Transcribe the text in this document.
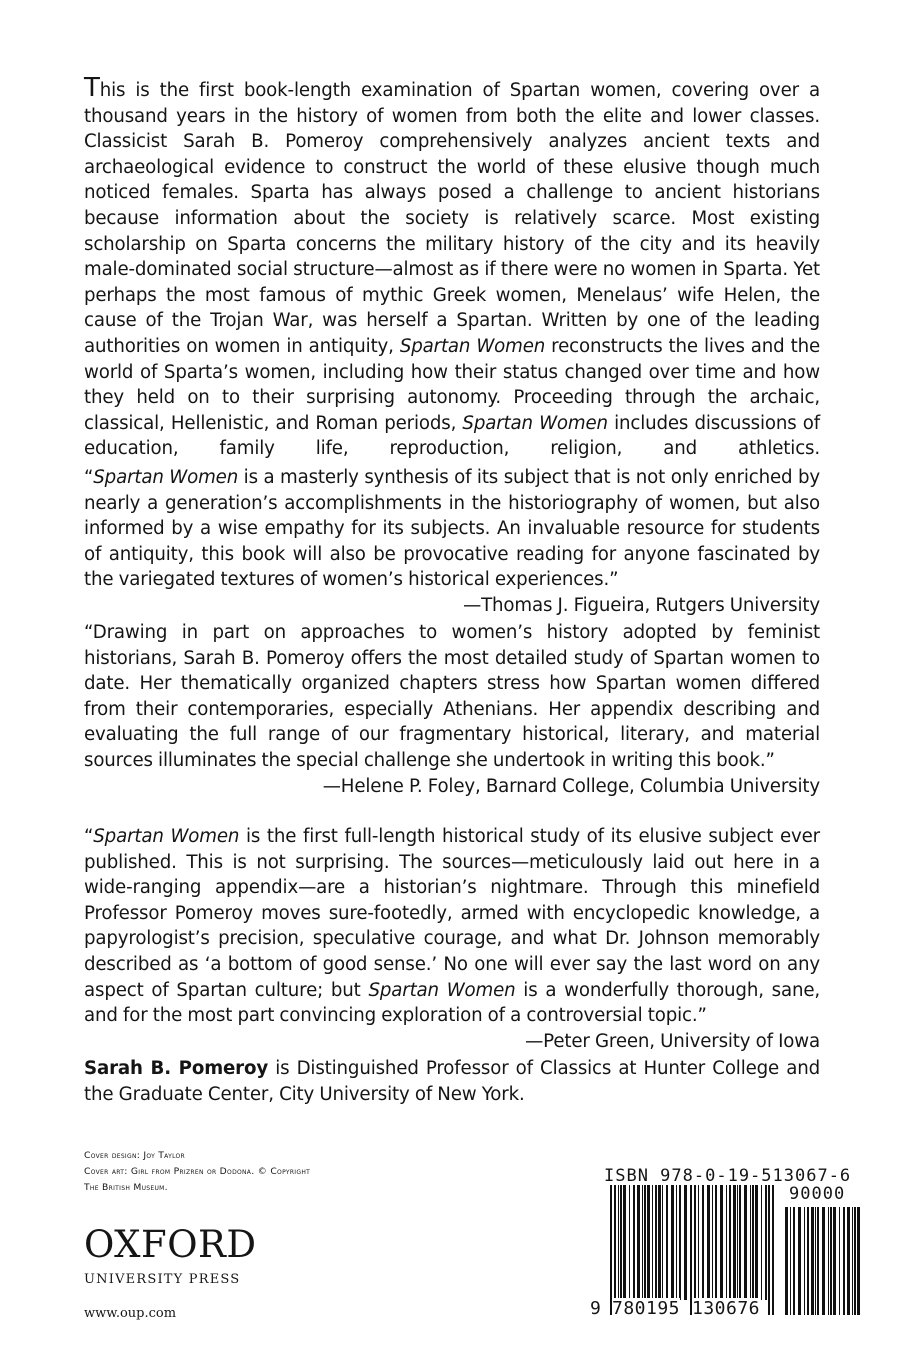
This is the first book-length examination of Spartan women, covering over a thousand years in the history of women from both the elite and lower classes. Classicist Sarah B. Pomeroy comprehensively analyzes ancient texts and archaeological evidence to construct the world of these elusive though much noticed females. Sparta has always posed a challenge to ancient historians because information about the society is relatively scarce. Most existing scholarship on Sparta concerns the military history of the city and its heavily male-dominated social structure—almost as if there were no women in Sparta. Yet perhaps the most famous of mythic Greek women, Menelaus’ wife Helen, the cause of the Trojan War, was herself a Spartan. Written by one of the leading authorities on women in antiquity, Spartan Women reconstructs the lives and the world of Sparta’s women, including how their status changed over time and how they held on to their surprising autonomy. Proceeding through the archaic, classical, Hellenistic, and Roman periods, Spartan Women includes discussions of education, family life, reproduction, religion, and athletics.

“Spartan Women is a masterly synthesis of its subject that is not only enriched by nearly a generation’s accomplishments in the historiography of women, but also informed by a wise empathy for its subjects. An invaluable resource for students of antiquity, this book will also be provocative reading for anyone fascinated by the variegated textures of women’s historical experiences.”
—Thomas J. Figueira, Rutgers University

“Drawing in part on approaches to women’s history adopted by feminist historians, Sarah B. Pomeroy offers the most detailed study of Spartan women to date. Her thematically organized chapters stress how Spartan women differed from their contemporaries, especially Athenians. Her appendix describing and evaluating the full range of our fragmentary historical, literary, and material sources illuminates the special challenge she undertook in writing this book.”
—Helene P. Foley, Barnard College, Columbia University

“Spartan Women is the first full-length historical study of its elusive subject ever published. This is not surprising. The sources—meticulously laid out here in a wide-ranging appendix—are a historian’s nightmare. Through this minefield Professor Pomeroy moves sure-footedly, armed with encyclopedic knowledge, a papyrologist’s precision, speculative courage, and what Dr. Johnson memorably described as ‘a bottom of good sense.’ No one will ever say the last word on any aspect of Spartan culture; but Spartan Women is a wonderfully thorough, sane, and for the most part convincing exploration of a controversial topic.”
—Peter Green, University of Iowa

Sarah B. Pomeroy is Distinguished Professor of Classics at Hunter College and the Graduate Center, City University of New York.

Cover design: Joy Taylor
Cover art: Girl from Prizren or Dodona. © Copyright
The British Museum.
OXFORD
UNIVERSITY PRESS
www.oup.com
ISBN 978-0-19-513067-6
90000
9 780195 130676
